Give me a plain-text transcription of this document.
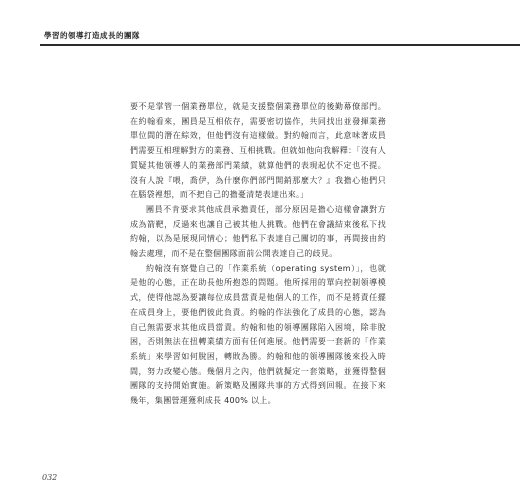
學習的領導打造成長的團隊

要不是掌管一個業務單位，就是支援整個業務單位的後勤幕僚部門。在約翰看來，團員是互相依存，需要密切協作，共同找出並發揮業務單位間的潛在綜效，但他們沒有這樣做。對約翰而言，此意味著成員們需要互相理解對方的業務、互相挑戰。但就如他向我解釋：「沒有人質疑其他領導人的業務部門業績，就算他們的表現起伏不定也不提。沒有人說『喂，喬伊，為什麼你們部門開銷那麼大？』我擔心他們只在腦袋裡想，而不把自己的擔憂清楚表達出來。」

團員不肯要求其他成員承擔責任，部分原因是擔心這樣會讓對方成為箭靶，反過來也讓自己被其他人挑戰。他們在會議結束後私下找約翰，以為是展現同情心；他們私下表達自己關切的事，再間接由約翰去處理，而不是在整個團隊面前公開表達自己的歧見。

約翰沒有察覺自己的「作業系統（operating system）」，也就是他的心態，正在助長他所抱怨的問題。他所採用的單向控制領導模式，使得他認為要讓每位成員當責是他個人的工作，而不是將責任擺在成員身上，要他們彼此負責。約翰的作法強化了成員的心態，認為自己無需要求其他成員當責。約翰和他的領導團隊陷入困境，除非脫困，否則無法在扭轉業績方面有任何進展。他們需要一套新的「作業系統」來學習如何脫困，轉敗為勝。約翰和他的領導團隊後來投入時間，努力改變心態。幾個月之內，他們就擬定一套策略，並獲得整個團隊的支持開始實施。新策略及團隊共事的方式得到回報。在接下來幾年，集團營運獲利成長 400% 以上。

032
